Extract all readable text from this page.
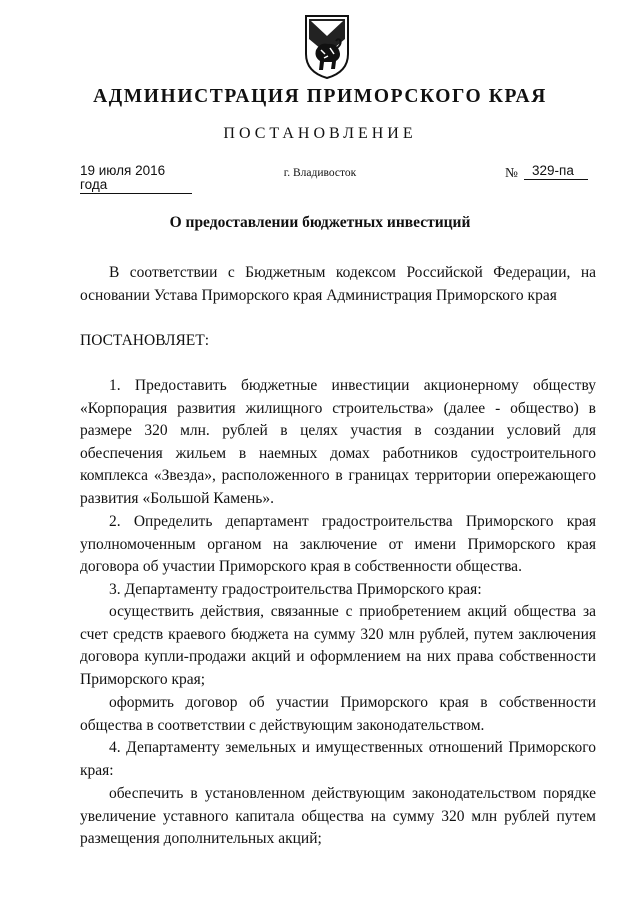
АДМИНИСТРАЦИЯ ПРИМОРСКОГО КРАЯ
ПОСТАНОВЛЕНИЕ
19 июля 2016 года
г. Владивосток	№	329-па
О предоставлении бюджетных инвестиций

В соответствии с Бюджетным кодексом Российской Федерации, на основании Устава Приморского края Администрация Приморского края

ПОСТАНОВЛЯЕТ:

1. Предоставить бюджетные инвестиции акционерному обществу «Корпорация развития жилищного строительства» (далее - общество) в размере 320 млн. рублей в целях участия в создании условий для обеспечения жильем в наемных домах работников судостроительного комплекса «Звезда», расположенного в границах территории опережающего развития «Большой Камень».

2. Определить департамент градостроительства Приморского края уполномоченным органом на заключение от имени Приморского края договора об участии Приморского края в собственности общества.

3. Департаменту градостроительства Приморского края:

осуществить действия, связанные с приобретением акций общества за счет средств краевого бюджета на сумму 320 млн рублей, путем заключения договора купли-продажи акций и оформлением на них права собственности Приморского края;

оформить договор об участии Приморского края в собственности общества в соответствии с действующим законодательством.

4. Департаменту земельных и имущественных отношений Приморского края:

обеспечить в установленном действующим законодательством порядке увеличение уставного капитала общества на сумму 320 млн рублей путем размещения дополнительных акций;
